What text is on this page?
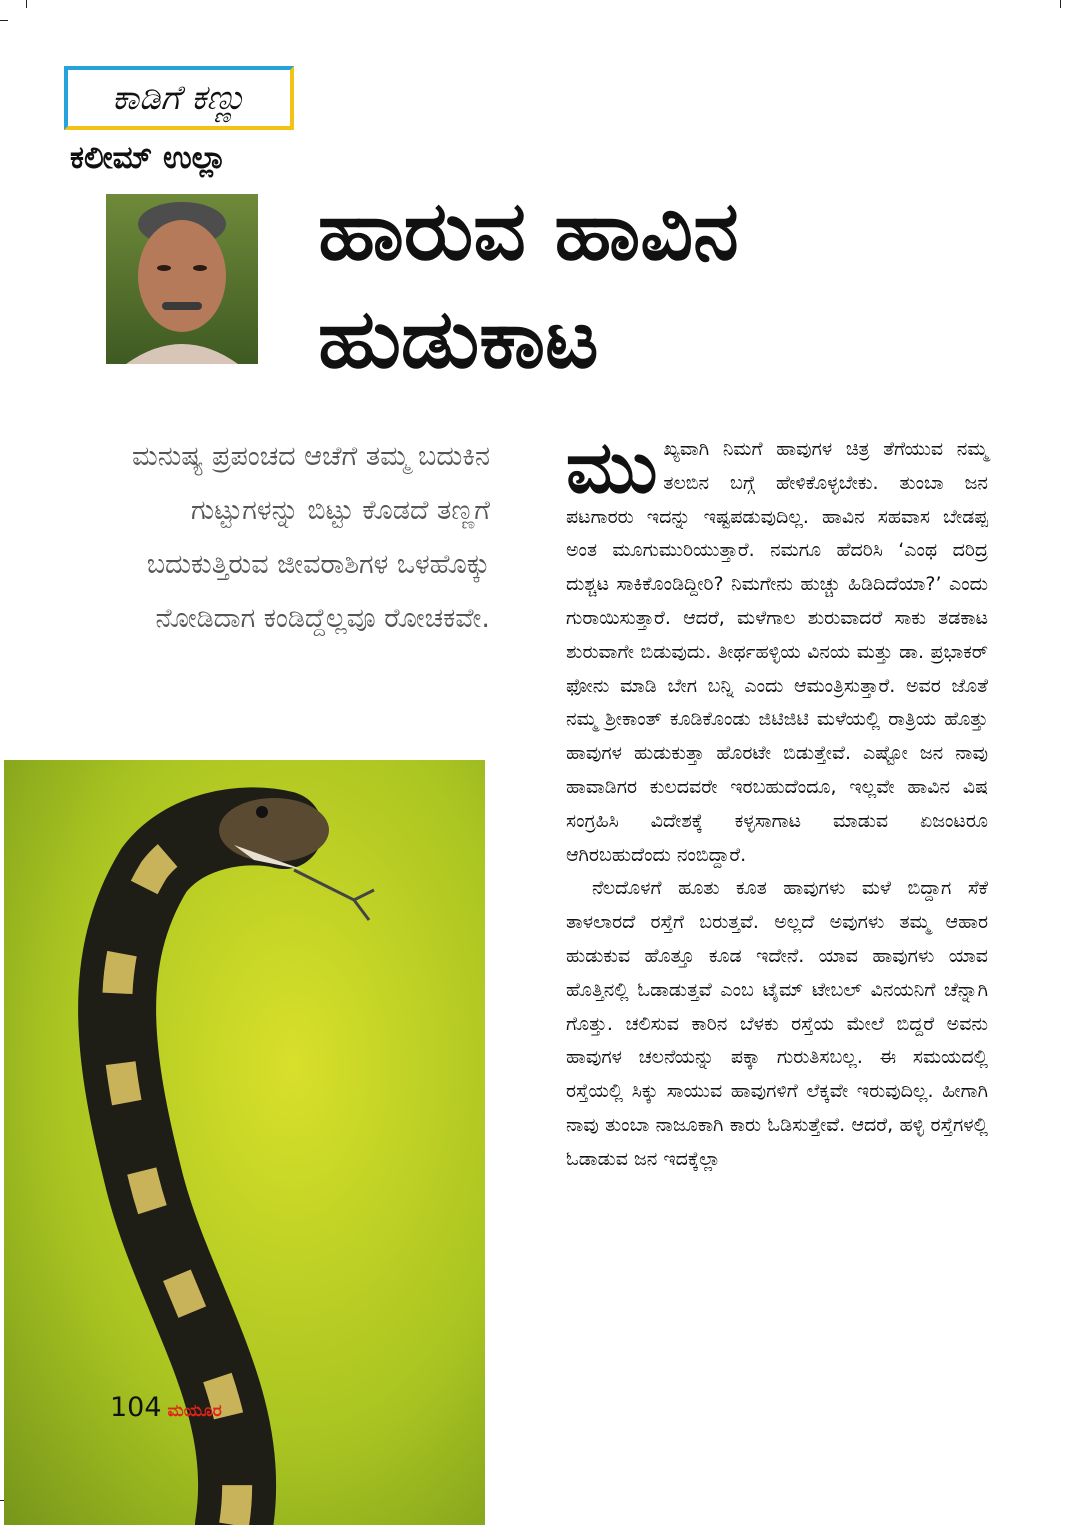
ಕಾಡಿಗೆ ಕಣ್ಣು
ಕಲೀಮ್ ಉಲ್ಲಾ
ಹಾರುವ ಹಾವಿನ
ಹುಡುಕಾಟ
ಮನುಷ್ಯ ಪ್ರಪಂಚದ ಆಚೆಗೆ ತಮ್ಮ ಬದುಕಿನ ಗುಟ್ಟುಗಳನ್ನು ಬಿಟ್ಟು ಕೊಡದೆ ತಣ್ಣಗೆ ಬದುಕುತ್ತಿರುವ ಜೀವರಾಶಿಗಳ ಒಳಹೊಕ್ಕು ನೋಡಿದಾಗ ಕಂಡಿದ್ದೆಲ್ಲವೂ ರೋಚಕವೇ.
104 ಮಯೂರ

ಮುಖ್ಯವಾಗಿ ನಿಮಗೆ ಹಾವುಗಳ ಚಿತ್ರ ತೆಗೆಯುವ ನಮ್ಮ ತಲಬಿನ ಬಗ್ಗೆ ಹೇಳಿಕೊಳ್ಳಬೇಕು. ತುಂಬಾ ಜನ ಪಟಗಾರರು ಇದನ್ನು ಇಷ್ಟಪಡುವುದಿಲ್ಲ. ಹಾವಿನ ಸಹವಾಸ ಬೇಡಪ್ಪ ಅಂತ ಮೂಗುಮುರಿಯುತ್ತಾರೆ. ನಮಗೂ ಹೆದರಿಸಿ ‘ಎಂಥ ದರಿದ್ರ ದುಶ್ಚಟ ಸಾಕಿಕೊಂಡಿದ್ದೀರಿ? ನಿಮಗೇನು ಹುಚ್ಚು ಹಿಡಿದಿದೆಯಾ?’ ಎಂದು ಗುರಾಯಿಸುತ್ತಾರೆ. ಆದರೆ, ಮಳೆಗಾಲ ಶುರುವಾದರೆ ಸಾಕು ತಡಕಾಟ ಶುರುವಾಗೇ ಬಿಡುವುದು. ತೀರ್ಥಹಳ್ಳಿಯ ವಿನಯ ಮತ್ತು ಡಾ. ಪ್ರಭಾಕರ್ ಫೋನು ಮಾಡಿ ಬೇಗ ಬನ್ನಿ ಎಂದು ಆಮಂತ್ರಿಸುತ್ತಾರೆ. ಅವರ ಜೊತೆ ನಮ್ಮ ಶ್ರೀಕಾಂತ್ ಕೂಡಿಕೊಂಡು ಜಿಟಿಜಿಟಿ ಮಳೆಯಲ್ಲಿ ರಾತ್ರಿಯ ಹೊತ್ತು ಹಾವುಗಳ ಹುಡುಕುತ್ತಾ ಹೊರಟೇ ಬಿಡುತ್ತೇವೆ. ಎಷ್ಟೋ ಜನ ನಾವು ಹಾವಾಡಿಗರ ಕುಲದವರೇ ಇರಬಹುದೆಂದೂ, ಇಲ್ಲವೇ ಹಾವಿನ ವಿಷ ಸಂಗ್ರಹಿಸಿ ವಿದೇಶಕ್ಕೆ ಕಳ್ಳಸಾಗಾಟ ಮಾಡುವ ಏಜಂಟರೂ ಆಗಿರಬಹುದೆಂದು ನಂಬಿದ್ದಾರೆ.

ನೆಲದೊಳಗೆ ಹೂತು ಕೂತ ಹಾವುಗಳು ಮಳೆ ಬಿದ್ದಾಗ ಸೆಕೆ ತಾಳಲಾರದೆ ರಸ್ತೆಗೆ ಬರುತ್ತವೆ. ಅಲ್ಲದೆ ಅವುಗಳು ತಮ್ಮ ಆಹಾರ ಹುಡುಕುವ ಹೊತ್ತೂ ಕೂಡ ಇದೇನೆ. ಯಾವ ಹಾವುಗಳು ಯಾವ ಹೊತ್ತಿನಲ್ಲಿ ಓಡಾಡುತ್ತವೆ ಎಂಬ ಟೈಮ್ ಟೇಬಲ್ ವಿನಯನಿಗೆ ಚೆನ್ನಾಗಿ ಗೊತ್ತು. ಚಲಿಸುವ ಕಾರಿನ ಬೆಳಕು ರಸ್ತೆಯ ಮೇಲೆ ಬಿದ್ದರೆ ಅವನು ಹಾವುಗಳ ಚಲನೆಯನ್ನು ಪಕ್ಕಾ ಗುರುತಿಸಬಲ್ಲ. ಈ ಸಮಯದಲ್ಲಿ ರಸ್ತೆಯಲ್ಲಿ ಸಿಕ್ಕು ಸಾಯುವ ಹಾವುಗಳಿಗೆ ಲೆಕ್ಕವೇ ಇರುವುದಿಲ್ಲ. ಹೀಗಾಗಿ ನಾವು ತುಂಬಾ ನಾಜೂಕಾಗಿ ಕಾರು ಓಡಿಸುತ್ತೇವೆ. ಆದರೆ, ಹಳ್ಳಿ ರಸ್ತೆಗಳಲ್ಲಿ ಓಡಾಡುವ ಜನ ಇದಕ್ಕೆಲ್ಲಾ
